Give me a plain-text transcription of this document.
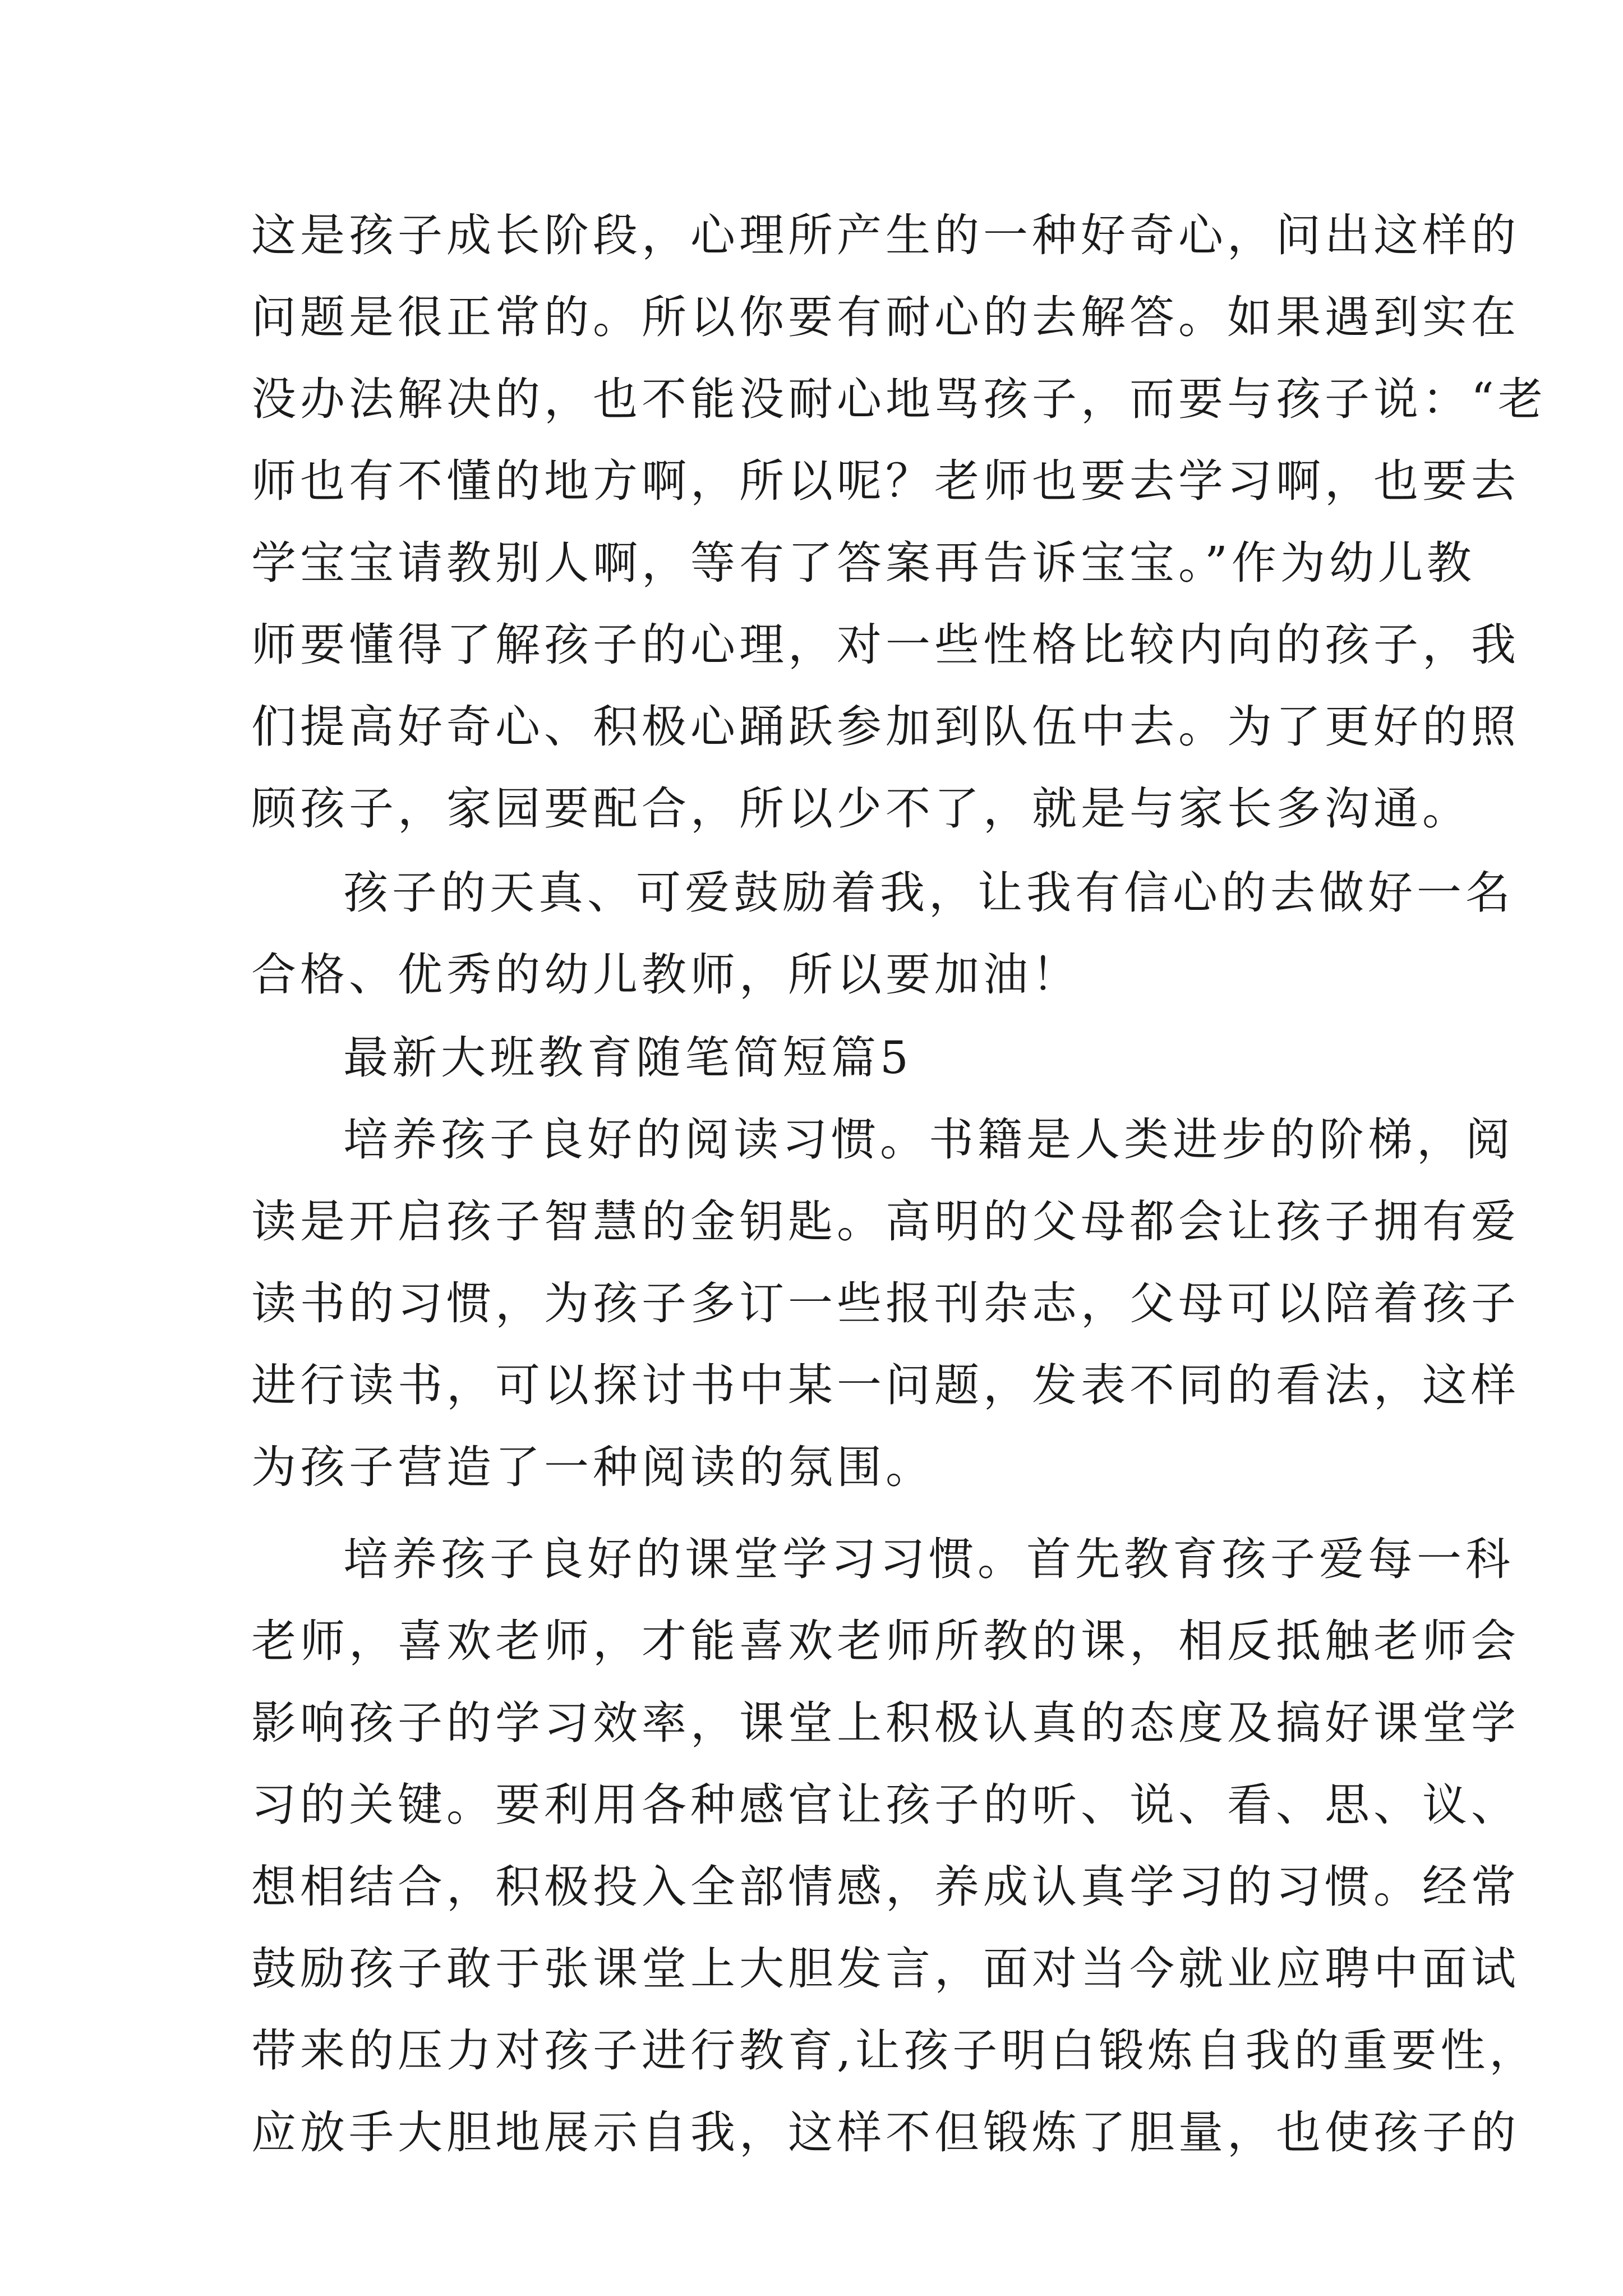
这是孩子成长阶段，心理所产生的一种好奇心，问出这样的
问题是很正常的。所以你要有耐心的去解答。如果遇到实在
没办法解决的，也不能没耐心地骂孩子，而要与孩子说：“老
师也有不懂的地方啊，所以呢？老师也要去学习啊，也要去
学宝宝请教别人啊，等有了答案再告诉宝宝。”作为幼儿教
师要懂得了解孩子的心理，对一些性格比较内向的孩子，我
们提高好奇心、积极心踊跃参加到队伍中去。为了更好的照
顾孩子，家园要配合，所以少不了，就是与家长多沟通。
孩子的天真、可爱鼓励着我，让我有信心的去做好一名
合格、优秀的幼儿教师，所以要加油！
最新大班教育随笔简短篇5
培养孩子良好的阅读习惯。书籍是人类进步的阶梯，阅
读是开启孩子智慧的金钥匙。高明的父母都会让孩子拥有爱
读书的习惯，为孩子多订一些报刊杂志，父母可以陪着孩子
进行读书，可以探讨书中某一问题，发表不同的看法，这样
为孩子营造了一种阅读的氛围。
培养孩子良好的课堂学习习惯。首先教育孩子爱每一科
老师，喜欢老师，才能喜欢老师所教的课，相反抵触老师会
影响孩子的学习效率，课堂上积极认真的态度及搞好课堂学
习的关键。要利用各种感官让孩子的听、说、看、思、议、
想相结合，积极投入全部情感，养成认真学习的习惯。经常
鼓励孩子敢于张课堂上大胆发言，面对当今就业应聘中面试
带来的压力对孩子进行教育,让孩子明白锻炼自我的重要性，
应放手大胆地展示自我，这样不但锻炼了胆量，也使孩子的
